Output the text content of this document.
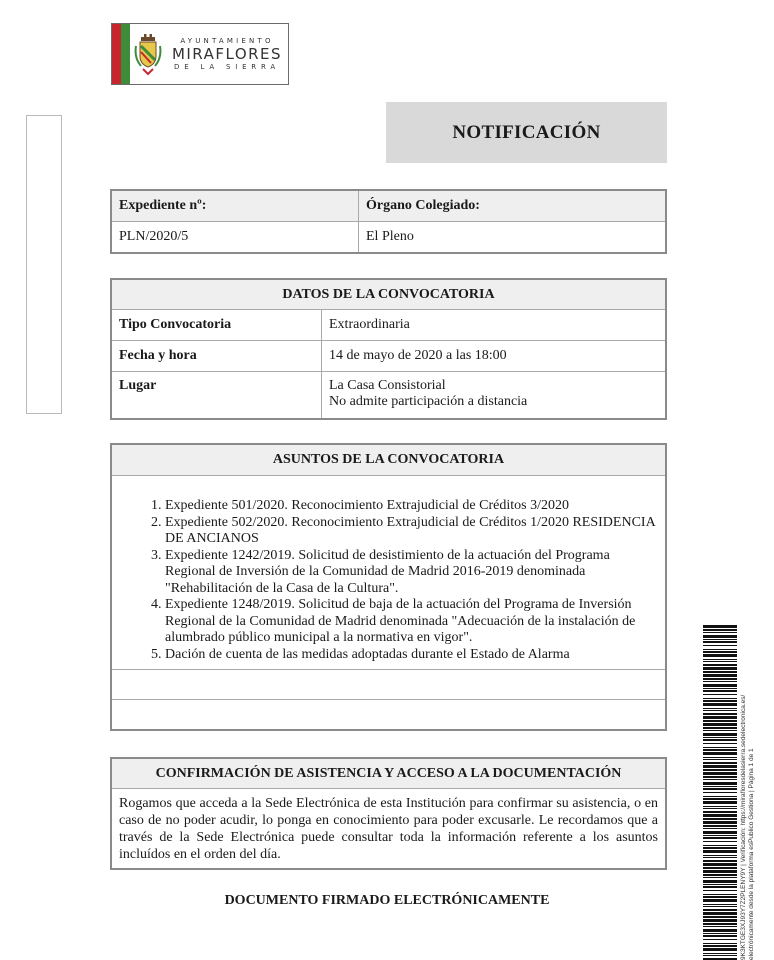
AYUNTAMIENTO
MIRAFLORES
DE LA SIERRA
NOTIFICACIÓN
Expediente nº:	Órgano Colegiado:
PLN/2020/5	El Pleno
DATOS DE LA CONVOCATORIA	
Tipo Convocatoria	Extraordinaria
Fecha y hora	14 de mayo de 2020 a las 18:00
Lugar	La Casa Consistorial
No admite participación a distancia
ASUNTOS DE LA CONVOCATORIA

1. Expediente 501/2020. Reconocimiento Extrajudicial de Créditos 3/2020
2. Expediente 502/2020. Reconocimiento Extrajudicial de Créditos 1/2020 RESIDENCIA DE ANCIANOS
3. Expediente 1242/2019. Solicitud de desistimiento de la actuación del Programa Regional de Inversión de la Comunidad de Madrid 2016-2019 denominada "Rehabilitación de la Casa de la Cultura".
4. Expediente 1248/2019. Solicitud de baja de la actuación del Programa de Inversión Regional de la Comunidad de Madrid denominada "Adecuación de la instalación de alumbrado público municipal a la normativa en vigor".
5. Dación de cuenta de las medidas adoptadas durante el Estado de Alarma

CONFIRMACIÓN DE ASISTENCIA Y ACCESO A LA DOCUMENTACIÓN
Rogamos que acceda a la Sede Electrónica de esta Institución para confirmar su asistencia, o en caso de no poder acudir, lo ponga en conocimiento para poder excusarle. Le recordamos que a través de la Sede Electrónica puede consultar toda la información referente a los asuntos incluídos en el orden del día.
DOCUMENTO FIRMADO ELECTRÓNICAMENTE	9K3KTGE3XJ93Y7Z2PLENY9Y | Verificación: https://mirafloresdelasierra.sedelectronica.es/ electrónicamente desde la plataforma esPublico Gestiona | Página 1 de 1
